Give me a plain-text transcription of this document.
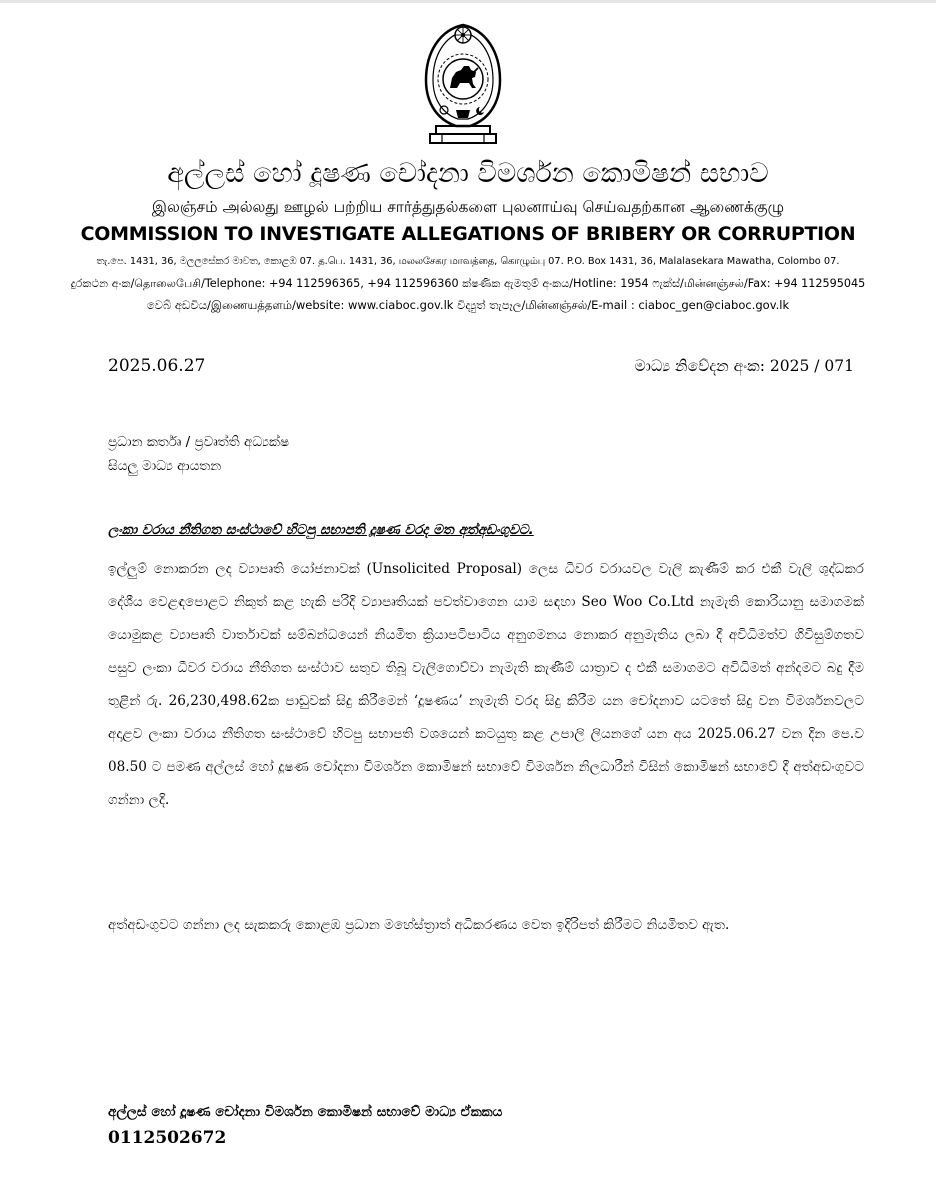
අල්ලස් හෝ දූෂණ චෝදනා විමර්ශන කොමිෂන් සභාව
இலஞ்சம் அல்லது ஊழல் பற்றிய சார்த்துதல்களை புலனாய்வு செய்வதற்கான ஆணைக்குழு
COMMISSION TO INVESTIGATE ALLEGATIONS OF BRIBERY OR CORRUPTION
තැ.පෙ. 1431, 36, මලලසේකර මාවත, කොළඹ 07. த.பெ. 1431, 36, மலலசேகர மாவத்தை, கொழும்பு 07. P.O. Box 1431, 36, Malalasekara Mawatha, Colombo 07.
දුරකථන අංක/தொலைபேசி/Telephone: +94 112596365, +94 112596360 ක්ෂණික ඇමතුම් අංකය/Hotline: 1954 ෆැක්ස්/மின்னஞ்சல்/Fax: +94 112595045
වෙබ් අඩවිය/இணையத்தளம்/website: www.ciaboc.gov.lk විද්‍යුත් තැපෑල/மின்னஞ்சல்/E-mail : ciaboc_gen@ciaboc.gov.lk
2025.06.27	මාධ්‍ය නිවේදන අංක: 2025 / 071
ප්‍රධාන කර්තෘ / ප්‍රවෘත්ති අධ්‍යක්ෂ
සියලු මාධ්‍ය ආයතන
ලංකා වරාය නීතිගත සංස්ථාවේ හිටපු සභාපති දූෂණ වරද මත අත්අඩංගුවට.

ඉල්ලුම් නොකරන ලද ව්‍යාපෘති යෝජනාවක් (Unsolicited Proposal) ලෙස ධීවර වරායවල වැලි කැණීම් කර එකී වැලි ශුද්ධකර දේශීය වෙළඳපොළට නිකුත් කළ හැකි පරිදි ව්‍යාපෘතියක් පවත්වාගෙන යාම සඳහා Seo Woo Co.Ltd නැමැති කොරියානු සමාගමක් යොමුකළ ව්‍යාපෘති වාර්තාවක් සම්බන්ධයෙන් නියමිත ක්‍රියාපටිපාටිය අනුගමනය නොකර අනුමැතිය ලබා දී අවිධිමත්ව ගිවිසුම්ගතව පසුව ලංකා ධීවර වරාය නීතිගත සංස්ථාව සතුව තිබූ වැලිගොව්වා නැමැති කැණීම් යාත්‍රාව ද එකී සමාගමට අවිධිමත් අන්දමට බදු දීම තුළින් රු. 26,230,498.62ක පාඩුවක් සිදු කිරීමෙන් ‘දූෂණය’ නැමැති වරද සිදු කිරීම යන චෝදනාව යටතේ සිදු වන විමර්ශනවලට අදාළව ලංකා වරාය නීතිගත සංස්ථාවේ හිටපු සභාපති වශයෙන් කටයුතු කළ උපාලි ලියනගේ යන අය 2025.06.27 වන දින පෙ.ව 08.50 ට පමණ අල්ලස් හෝ දූෂණ චෝදනා විමර්ශන කොමිෂන් සභාවේ විමර්ශන නිලධාරීන් විසින් කොමිෂන් සභාවේ දී අත්අඩංගුවට ගන්නා ලදි.

අත්අඩංගුවට ගන්නා ලද සැකකරු කොළඹ ප්‍රධාන මහේස්ත්‍රාත් අධිකරණය වෙත ඉදිරිපත් කිරීමට නියමිතව ඇත.

අල්ලස් හෝ දූෂණ චෝදනා විමර්ශන කොමිෂන් සභාවේ මාධ්‍ය ඒකකය
0112502672
